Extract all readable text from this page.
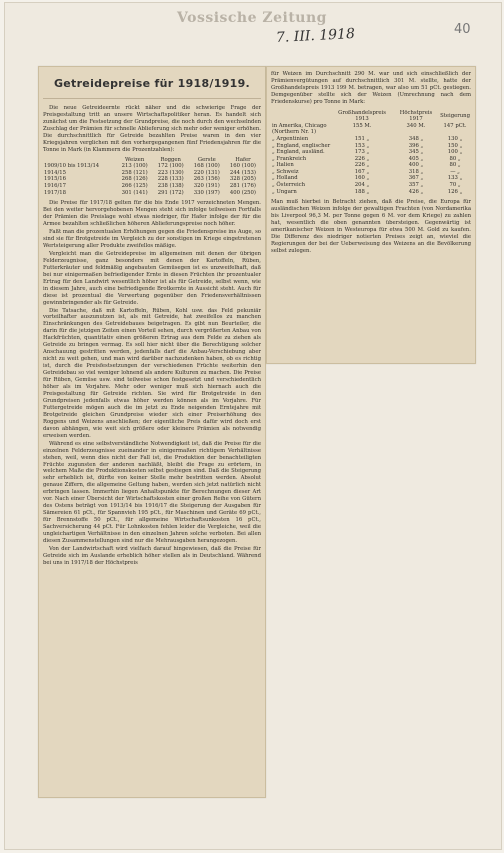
Vossische Zeitung
7. III. 1918	40
Getreidepreise für 1918/1919.

Die neue Getreideernte rückt näher und die schwierige Frage der Preisgestaltung tritt an unsere Wirtschaftspolitiker heran. Es handelt sich zunächst um die Festsetzung der Grundpreise, die noch durch den wechselnden Zuschlag der Prämien für schnelle Ablieferung sich mehr oder weniger erhöhen. Die durchschnittlich für Getreide bezahlten Preise waren in den vier Kriegsjahren verglichen mit den vorhergegangenen fünf Friedensjahren für die Tonne in Mark (in Klammern die Prozentzahlen):

	Weizen	Roggen	Gerste	Hafer
1909/10 bis 1913/14	213 (100)	172 (100)	168 (100)	160 (100)
1914/15	258 (121)	223 (130)	220 (131)	244 (153)
1915/16	268 (126)	228 (133)	263 (156)	328 (205)
1916/17	266 (125)	238 (138)	320 (191)	281 (176)
1917/18	301 (141)	291 (172)	330 (197)	400 (250)

Die Preise für 1917/18 gelten für die bis Ende 1917 verzeichneten Mengen. Bei den weiter hervorgehobenen Mengen steht sich infolge teilweisen Fortfalls der Prämien die Preislage wohl etwas niedriger, für Hafer infolge der für die Armee bezahlten schließlichen höheren Ablieferungspreise noch höher.

Faßt man die prozentualen Erhöhungen gegen die Friedenspreise ins Auge, so sind sie für Brotgetreide im Vergleich zu der sonstigen im Kriege eingetretenen Wertsteigerung aller Produkte zweifellos mäßige.

Vergleicht man die Getreidepreise im allgemeinen mit denen der übrigen Felderzeugnisse, ganz besonders mit denen der Kartoffeln, Rüben, Futterkräuter und feldmäßig angebauten Gemüsegen ist es unzweifelhaft, daß bei nur einigermaßen befriedigender Ernte in diesen Früchten ihr prozentualer Ertrag für den Landwirt wesentlich höher ist als für Getreide, selbst wenn, wie in diesem Jahre, auch eine befriedigende Brotkernte in Aussicht steht. Auch für diese ist prozentual die Verwertung gegenüber den Friedensverhältnissen gewinnbringender als für Getreide.

Die Tatsache, daß mit Kartoffeln, Rüben, Kohl usw. das Feld pekuniär vorteilhafter auszunutzen ist, als mit Getreide, hat zweifellos zu manchen Einschränkungen des Getreidebaues beigetragen. Es gibt nun Beurteiler, die darin für die jetzigen Zeiten einen Vorteil sehen, durch vergrößerten Anbau von Hackfrüchten, quantitativ einen größeren Ertrag aus dem Felde zu ziehen als Getreide zu bringen vermag. Es soll hier nicht über die Berechtigung solcher Anschauung gestritten werden, jedenfalls darf die Anbau-Verschiebung aber nicht zu weit gehen, und man wird darüber nachzudenken haben, ob es richtig ist, durch die Preisfestsetzungen der verschiedenen Früchte weiterhin den Getreidebau so viel weniger lohnend als andere Kulturen zu machen. Die Preise für Rüben, Gemüse usw. sind teilweise schon festgesetzt und verschiedentlich höher als im Vorjahre. Mehr oder weniger muß sich hiernach auch die Preisgestaltung für Getreide richten. Sie wird für Brotgetreide in den Grundpreisen jedenfalls etwas höher werden können als im Vorjahre. Für Futtergetreide mögen auch die im jetzt zu Ende neigenden Erntejahre mit Brotgetreide gleichen Grundpreise wieder sich einer Preiserhöhung des Roggens und Weizens anschließen; der eigentliche Preis dafür wird doch erst davon abhängen, wie weit sich größere oder kleinere Prämien als notwendig erweisen werden.

Während es eine selbstverständliche Notwendigkeit ist, daß die Preise für die einzelnen Felderzeugnisse zueinander in einigermaßen richtigem Verhältnisse stehen, weil, wenn dies nicht der Fall ist, die Produktion der benachteiligten Früchte zugunsten der anderen nachläßt, bleibt die Frage zu erörtern, in welchem Maße die Produktionskosten selbst gestiegen sind. Daß die Steigerung sehr erheblich ist, dürfte von keiner Stelle mehr bestritten werden. Absolut genaue Ziffern, die allgemeine Geltung haben, werden sich jetzt natürlich nicht erbringen lassen. Immerhin liegen Anhaltspunkte für Berechnungen dieser Art vor. Nach einer Übersicht der Wirtschaftskosten einer großen Reihe von Gütern des Ostens beträgt von 1913/14 bis 1916/17 die Steigerung der Ausgaben für Sämereien 61 pCt., für Spannvieh 195 pCt., für Maschinen und Geräte 69 pCt., für Brennstoffe 50 pCt., für allgemeine Wirtschaftsunkosten 16 pCt., Sachversicherung 44 pCt. Für Lohnkosten fehlen leider die Vergleiche, weil die ungleichartigen Verhältnisse in den einzelnen Jahren solche verboten. Bei allen diesen Zusammenstellungen sind nur die Mehrausgaben herangezogen.

Von der Landwirtschaft wird vielfach darauf hingewiesen, daß die Preise für Getreide sich im Auslande erheblich höher stellen als in Deutschland. Während bei uns in 1917/18 der Höchstpreis

für Weizen im Durchschnitt 290 M. war und sich einschließlich der Prämienvergütungen auf durchschnittlich 301 M. stellte, hatte der Großhandelspreis 1913 199 M. betragen, war also um 51 pCt. gestiegen. Demgegenüber stellte sich der Weizen (Umrechnung nach dem Friedenskurse) pro Tonne in Mark:
	Großhandelspreis 1913	Höchstpreis 1917	Steigerung
in Amerika, Chicago	155 M.	340 M.	147 pCt.
(Northern Nr. 1)			
„ Argentinien	151 „	348 „	130 „
„ England, englischer	153 „	396 „	150 „
„ England, ausländ.	173 „	345 „	100 „
„ Frankreich	226 „	405 „	80 „
„ Italien	226 „	400 „	80 „
„ Schweiz	167 „	318 „	— „
„ Holland	160 „	367 „	133 „
„ Österreich	204 „	357 „	70 „
„ Ungarn	188 „	426 „	126 „
Man muß hierbei in Betracht ziehen, daß die Preise, die Europa für ausländischen Weizen infolge der gewaltigen Frachten (von Nordamerika bis Liverpool 96,3 M. per Tonne gegen 6 M. vor dem Kriege) zu zahlen hat, wesentlich die oben genannten übersteigen. Gegenwärtig ist amerikanischer Weizen in Westeuropa für etwa 500 M. Gold zu kaufen. Die Differenz des niedriger notierten Preises zeigt an, wieviel die Regierungen der bei der Ueberweisung des Weizens an die Bevölkerung selbst zulegen.
